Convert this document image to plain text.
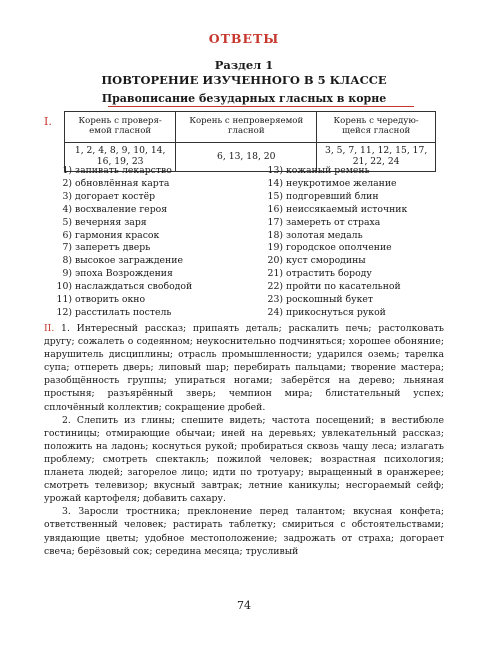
ОТВЕТЫ
Раздел 1
ПОВТОРЕНИЕ ИЗУЧЕННОГО В 5 КЛАССЕ
Правописание безударных гласных в корне
I.	Корень с проверя-емой гласной	Корень с непроверяемой гласной	Корень с чередую-щейся гласной
1, 2, 4, 8, 9, 10, 14, 16, 19, 23	6, 13, 18, 20	3, 5, 7, 11, 12, 15, 17, 21, 22, 24
1) запивать лекарство
2) обновлённая карта
3) догорает костёр
4) восхваление героя
5) вечерняя заря
6) гармония красок
7) заперетъ дверь
8) высокое заграждение
9) эпоха Возрождения
10) наслаждаться свободой
11) отворить окно
12) расстилать постель
13) кожаный ремень
14) неукротимое желание
15) подгоревший блин
16) неиссякаемый источник
17) замереть от страха
18) золотая медаль
19) городское ополчение
20) куст смородины
21) отрастить бороду
22) пройти по касательной
23) роскошный букет
24) прикоснуться рукой

II. 1. Интересный рассказ; припаять деталь; раскалить печь; растолковать другу; сожалеть о содеянном; неукоснительно подчиняться; хорошее обоняние; нарушитель дисциплины; отрасль промышленности; ударился оземь; тарелка супа; отпереть дверь; липовый шар; перебирать пальцами; творение мастера; разобщённость группы; упираться ногами; заберётся на дерево; льняная простыня; разъярённый зверь; чемпион мира; блистательный успех; сплочённый коллектив; сокращение дробей.

2. Слепить из глины; спешите видеть; частота посещений; в вестибюле гостиницы; отмирающие обычаи; иней на деревьях; увлекательный рассказ; положить на ладонь; коснуться рукой; пробираться сквозь чащу леса; излагать проблему; смотреть спектакль; пожилой человек; возрастная психология; планета людей; загорелое лицо; идти по тротуару; выращенный в оранжерее; смотреть телевизор; вкусный завтрак; летние каникулы; несгораемый сейф; урожай картофеля; добавить сахару.

3. Заросли тростника; преклонение перед талантом; вкусная конфета; ответственный человек; растирать таблетку; смириться с обстоятельствами; увядающие цветы; удобное местоположение; задрожать от страха; догорает свеча; берёзовый сок; середина месяца; трусливый

74
